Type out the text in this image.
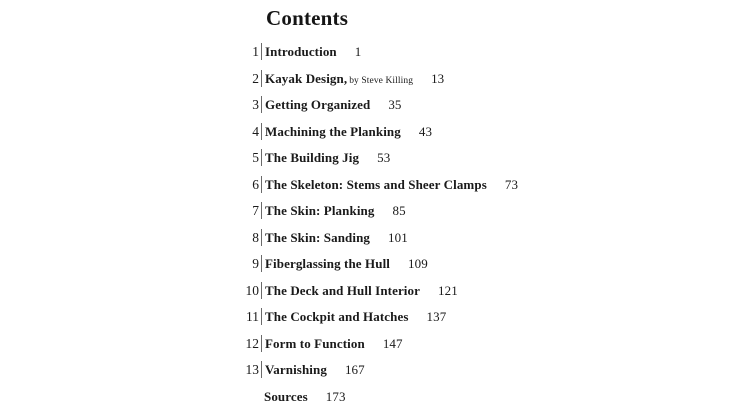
Contents
1 Introduction 1
2 Kayak Design, by Steve Killing 13
3 Getting Organized 35
4 Machining the Planking 43
5 The Building Jig 53
6 The Skeleton: Stems and Sheer Clamps 73
7 The Skin: Planking 85
8 The Skin: Sanding 101
9 Fiberglassing the Hull 109
10 The Deck and Hull Interior 121
11 The Cockpit and Hatches 137
12 Form to Function 147
13 Varnishing 167
Sources 173
